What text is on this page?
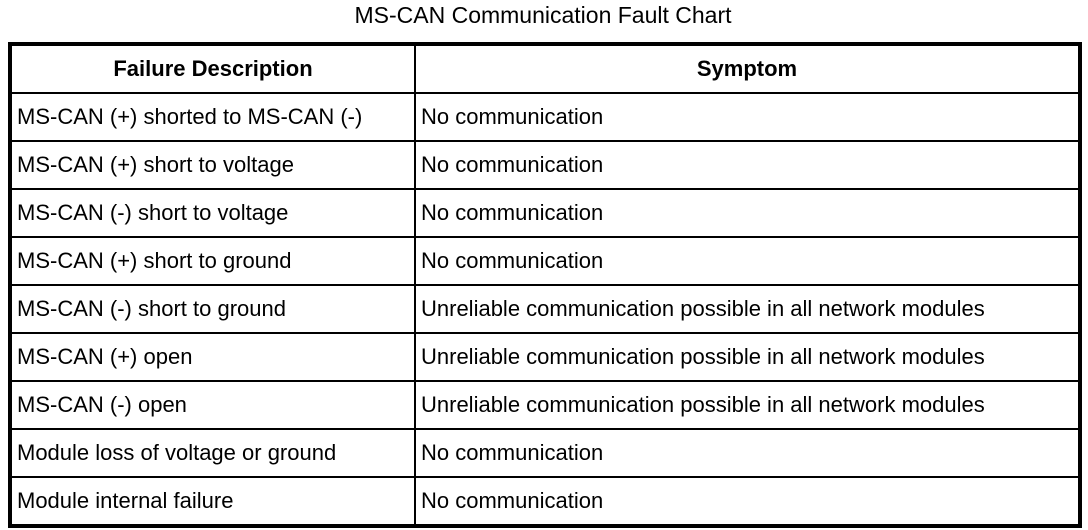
MS-CAN Communication Fault Chart
Failure Description	Symptom
MS-CAN (+) shorted to MS-CAN (-)	No communication
MS-CAN (+) short to voltage	No communication
MS-CAN (-) short to voltage	No communication
MS-CAN (+) short to ground	No communication
MS-CAN (-) short to ground	Unreliable communication possible in all network modules
MS-CAN (+) open	Unreliable communication possible in all network modules
MS-CAN (-) open	Unreliable communication possible in all network modules
Module loss of voltage or ground	No communication
Module internal failure	No communication
